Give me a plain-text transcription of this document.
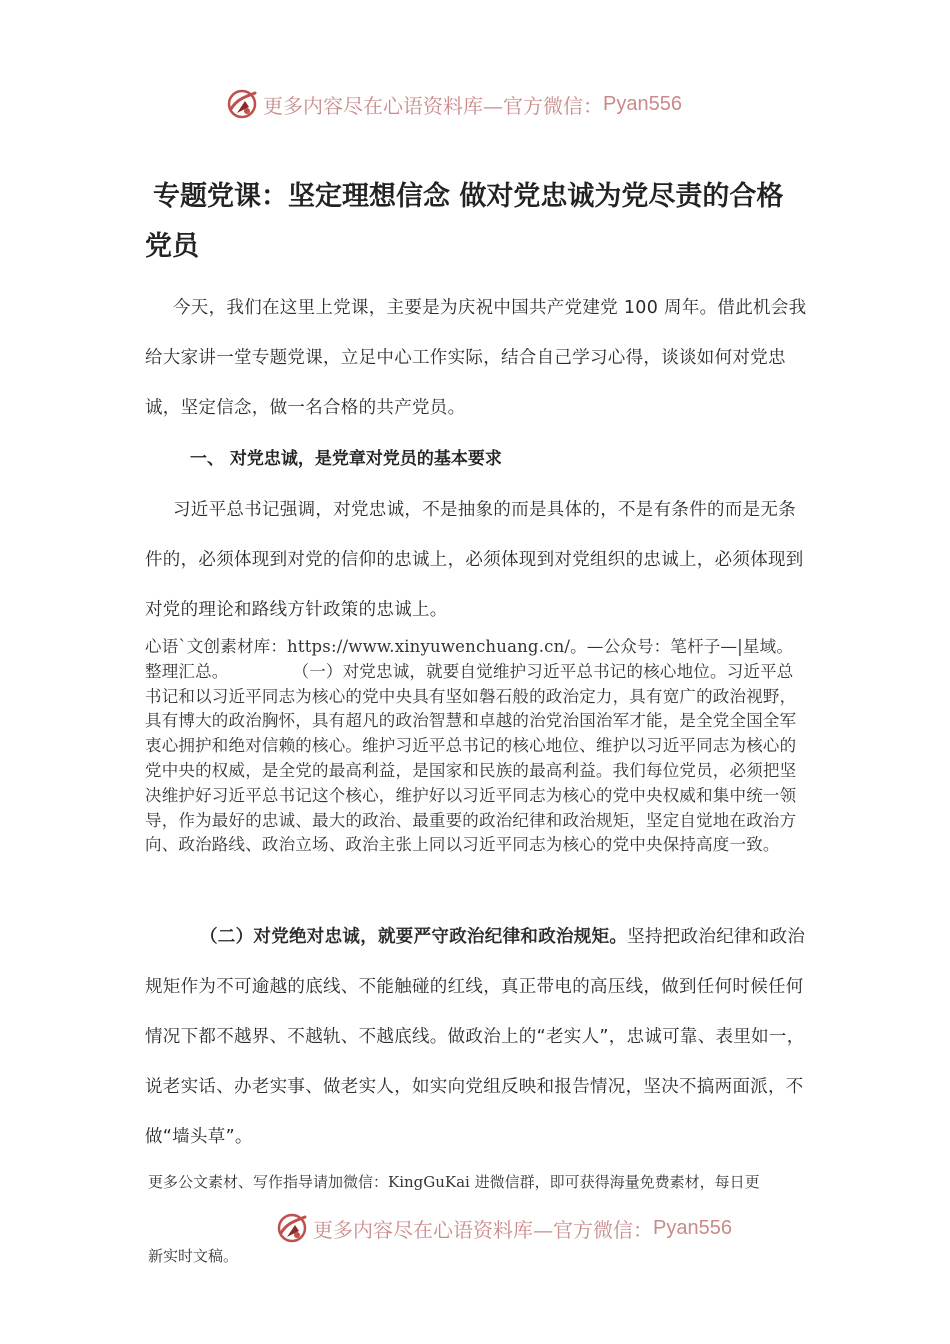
更多内容尽在心语资料库—官方微信： Pyan556
专题党课：坚定理想信念 做对党忠诚为党尽责的合格党员

今天，我们在这里上党课，主要是为庆祝中国共产党建党 100 周年。借此机会我给大家讲一堂专题党课，立足中心工作实际，结合自己学习心得，谈谈如何对党忠诚，坚定信念，做一名合格的共产党员。

一、 对党忠诚，是党章对党员的基本要求

习近平总书记强调，对党忠诚，不是抽象的而是具体的，不是有条件的而是无条件的，必须体现到对党的信仰的忠诚上，必须体现到对党组织的忠诚上，必须体现到对党的理论和路线方针政策的忠诚上。

心语`文创素材库：https://www.xinyuwenchuang.cn/。—公众号：笔杆子—|星域。整理汇总。	（一）对党忠诚，就要自觉维护习近平总书记的核心地位。习近平总书记和以习近平同志为核心的党中央具有坚如磐石般的政治定力，具有宽广的政治视野，具有博大的政治胸怀，具有超凡的政治智慧和卓越的治党治国治军才能，是全党全国全军衷心拥护和绝对信赖的核心。维护习近平总书记的核心地位、维护以习近平同志为核心的党中央的权威，是全党的最高利益，是国家和民族的最高利益。我们每位党员，必须把坚决维护好习近平总书记这个核心，维护好以习近平同志为核心的党中央权威和集中统一领导，作为最好的忠诚、最大的政治、最重要的政治纪律和政治规矩，坚定自觉地在政治方向、政治路线、政治立场、政治主张上同以习近平同志为核心的党中央保持高度一致。

（二）对党绝对忠诚，就要严守政治纪律和政治规矩。坚持把政治纪律和政治规矩作为不可逾越的底线、不能触碰的红线，真正带电的高压线，做到任何时候任何情况下都不越界、不越轨、不越底线。做政治上的“老实人”，忠诚可靠、表里如一，说老实话、办老实事、做老实人，如实向党组反映和报告情况，坚决不搞两面派，不做“墙头草”。

更多公文素材、写作指导请加微信：KingGuKai 进微信群，即可获得海量免费素材，每日更

更多内容尽在心语资料库—官方微信： Pyan556

新实时文稿。
